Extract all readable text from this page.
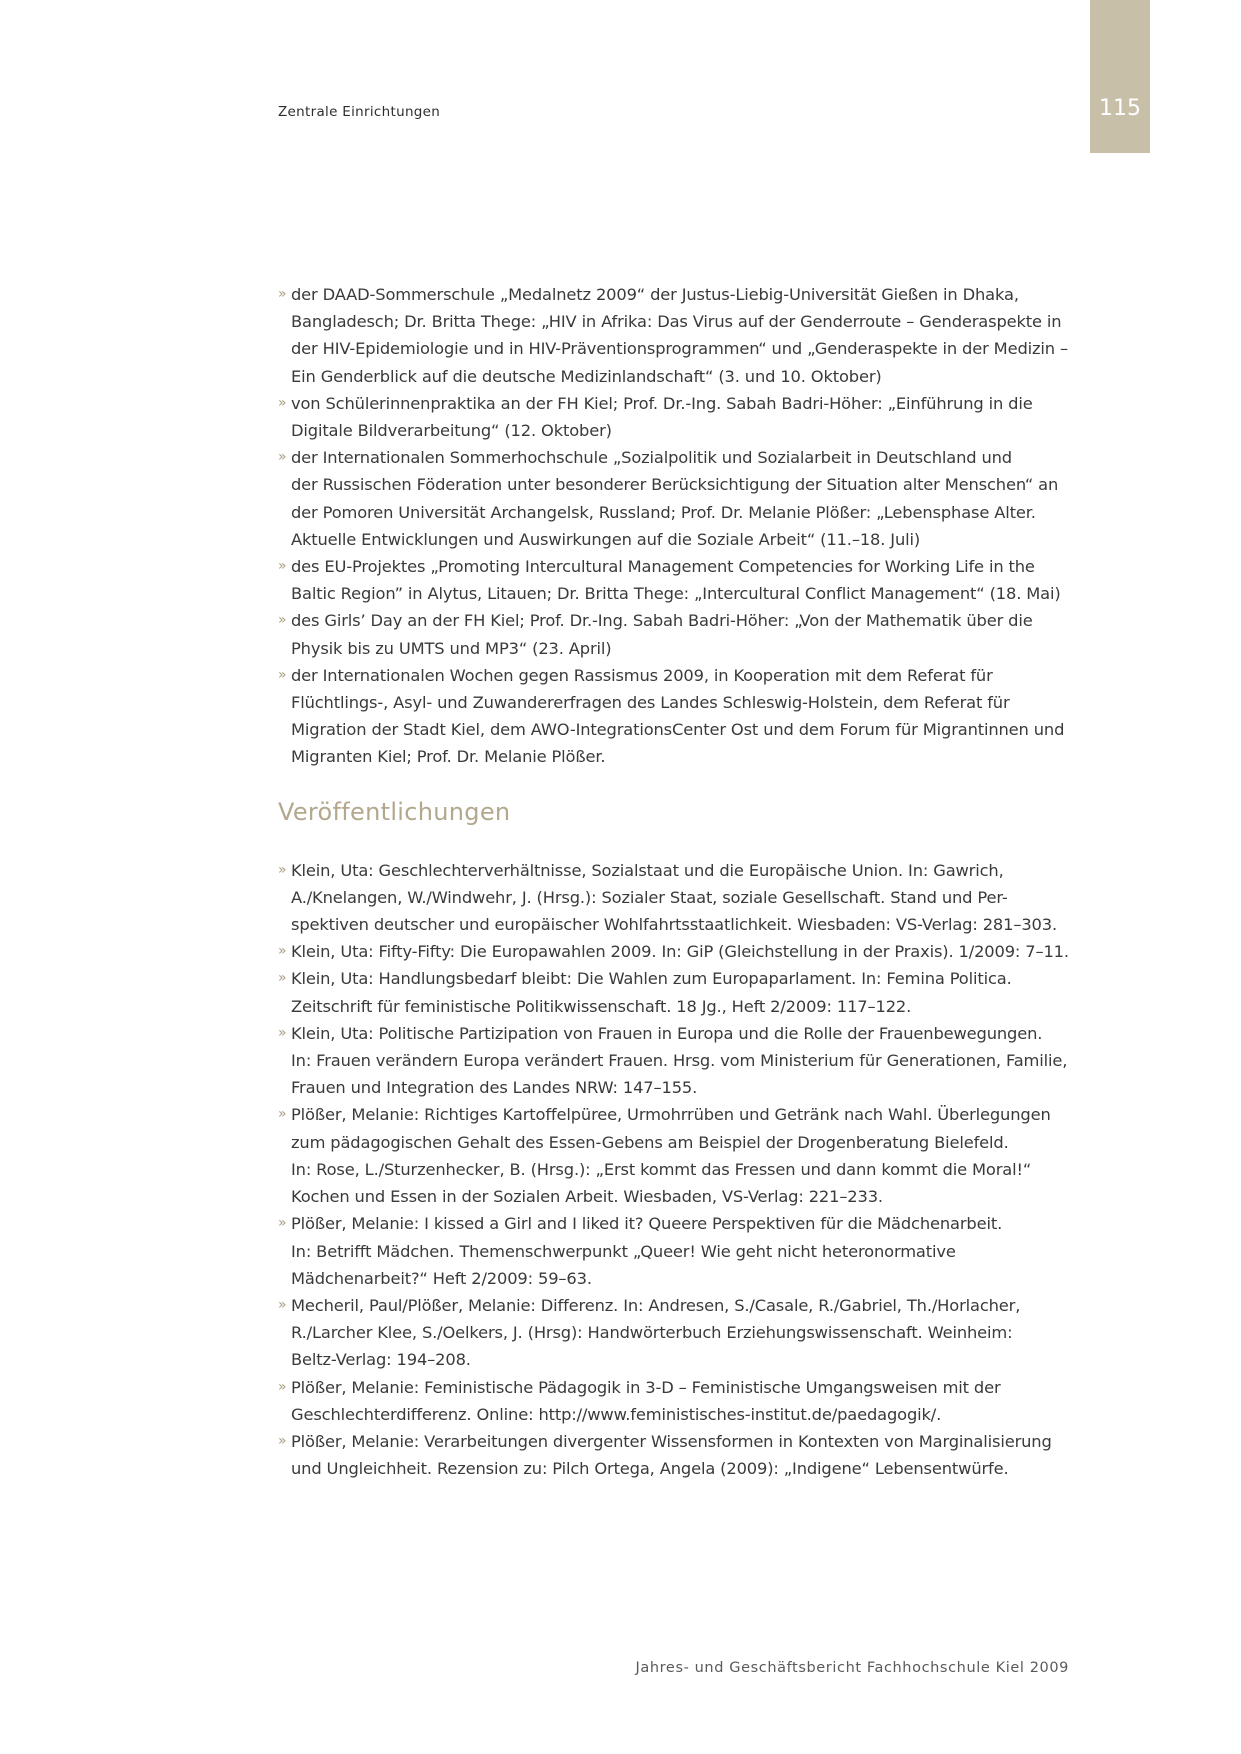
115
Zentrale Einrichtungen
» der DAAD-Sommerschule „Medalnetz 2009“ der Justus-Liebig-Universität Gießen in Dhaka,
Bangladesch; Dr. Britta Thege: „HIV in Afrika: Das Virus auf der Genderroute – Genderaspekte in
der HIV-Epidemiologie und in HIV-Präventionsprogrammen“ und „Genderaspekte in der Medizin –
Ein Genderblick auf die deutsche Medizinlandschaft“ (3. und 10. Oktober)
» von Schülerinnenpraktika an der FH Kiel; Prof. Dr.-Ing. Sabah Badri-Höher: „Einführung in die
Digitale Bildverarbeitung“ (12. Oktober)
» der Internationalen Sommerhochschule „Sozialpolitik und Sozialarbeit in Deutschland und
der Russischen Föderation unter besonderer Berücksichtigung der Situation alter Menschen“ an
der Pomoren Universität Archangelsk, Russland; Prof. Dr. Melanie Plößer: „Lebensphase Alter.
Aktuelle Entwicklungen und Auswirkungen auf die Soziale Arbeit“ (11.–18. Juli)
» des EU-Projektes „Promoting Intercultural Management Competencies for Working Life in the
Baltic Region” in Alytus, Litauen; Dr. Britta Thege: „Intercultural Conflict Management“ (18. Mai)
» des Girls’ Day an der FH Kiel; Prof. Dr.-Ing. Sabah Badri-Höher: „Von der Mathematik über die
Physik bis zu UMTS und MP3“ (23. April)
» der Internationalen Wochen gegen Rassismus 2009, in Kooperation mit dem Referat für
Flüchtlings-, Asyl- und Zuwandererfragen des Landes Schleswig-Holstein, dem Referat für
Migration der Stadt Kiel, dem AWO-IntegrationsCenter Ost und dem Forum für Migrantinnen und
Migranten Kiel; Prof. Dr. Melanie Plößer.
Veröffentlichungen
» Klein, Uta: Geschlechterverhältnisse, Sozialstaat und die Europäische Union. In: Gawrich,
A./Knelangen, W./Windwehr, J. (Hrsg.): Sozialer Staat, soziale Gesellschaft. Stand und Per-
spektiven deutscher und europäischer Wohlfahrtsstaatlichkeit. Wiesbaden: VS-Verlag: 281–303.
» Klein, Uta: Fifty-Fifty: Die Europawahlen 2009. In: GiP (Gleichstellung in der Praxis). 1/2009: 7–11.
» Klein, Uta: Handlungsbedarf bleibt: Die Wahlen zum Europaparlament. In: Femina Politica.
Zeitschrift für feministische Politikwissenschaft. 18 Jg., Heft 2/2009: 117–122.
» Klein, Uta: Politische Partizipation von Frauen in Europa und die Rolle der Frauenbewegungen.
In: Frauen verändern Europa verändert Frauen. Hrsg. vom Ministerium für Generationen, Familie,
Frauen und Integration des Landes NRW: 147–155.
» Plößer, Melanie: Richtiges Kartoffelpüree, Urmohrrüben und Getränk nach Wahl. Überlegungen
zum pädagogischen Gehalt des Essen-Gebens am Beispiel der Drogenberatung Bielefeld.
In: Rose, L./Sturzenhecker, B. (Hrsg.): „Erst kommt das Fressen und dann kommt die Moral!“
Kochen und Essen in der Sozialen Arbeit. Wiesbaden, VS-Verlag: 221–233.
» Plößer, Melanie: I kissed a Girl and I liked it? Queere Perspektiven für die Mädchenarbeit.
In: Betrifft Mädchen. Themenschwerpunkt „Queer! Wie geht nicht heteronormative
Mädchenarbeit?“ Heft 2/2009: 59–63.
» Mecheril, Paul/Plößer, Melanie: Differenz. In: Andresen, S./Casale, R./Gabriel, Th./Horlacher,
R./Larcher Klee, S./Oelkers, J. (Hrsg): Handwörterbuch Erziehungswissenschaft. Weinheim:
Beltz-Verlag: 194–208.
» Plößer, Melanie: Feministische Pädagogik in 3-D – Feministische Umgangsweisen mit der
Geschlechterdifferenz. Online: http://www.feministisches-institut.de/paedagogik/.
» Plößer, Melanie: Verarbeitungen divergenter Wissensformen in Kontexten von Marginalisierung
und Ungleichheit. Rezension zu: Pilch Ortega, Angela (2009): „Indigene“ Lebensentwürfe.
Jahres- und Geschäftsbericht Fachhochschule Kiel 2009
